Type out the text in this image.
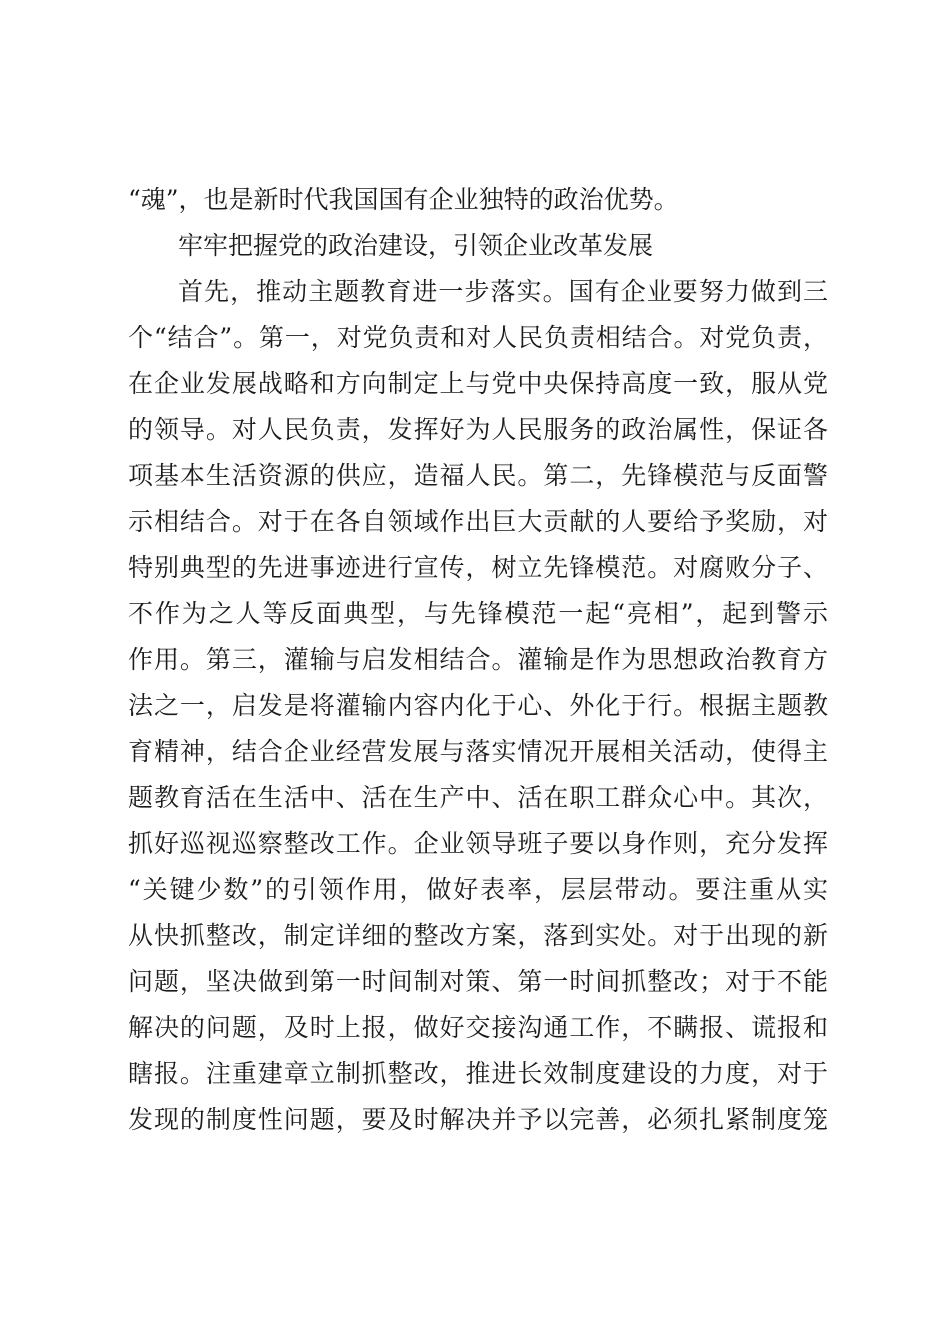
“魂”，也是新时代我国国有企业独特的政治优势。
牢牢把握党的政治建设，引领企业改革发展
首先，推动主题教育进一步落实。国有企业要努力做到三
个“结合”。第一，对党负责和对人民负责相结合。对党负责，
在企业发展战略和方向制定上与党中央保持高度一致，服从党
的领导。对人民负责，发挥好为人民服务的政治属性，保证各
项基本生活资源的供应，造福人民。第二，先锋模范与反面警
示相结合。对于在各自领域作出巨大贡献的人要给予奖励，对
特别典型的先进事迹进行宣传，树立先锋模范。对腐败分子、
不作为之人等反面典型，与先锋模范一起“亮相”，起到警示
作用。第三，灌输与启发相结合。灌输是作为思想政治教育方
法之一，启发是将灌输内容内化于心、外化于行。根据主题教
育精神，结合企业经营发展与落实情况开展相关活动，使得主
题教育活在生活中、活在生产中、活在职工群众心中。其次，
抓好巡视巡察整改工作。企业领导班子要以身作则，充分发挥
“关键少数”的引领作用，做好表率，层层带动。要注重从实
从快抓整改，制定详细的整改方案，落到实处。对于出现的新
问题，坚决做到第一时间制对策、第一时间抓整改；对于不能
解决的问题，及时上报，做好交接沟通工作，不瞒报、谎报和
瞎报。注重建章立制抓整改，推进长效制度建设的力度，对于
发现的制度性问题，要及时解决并予以完善，必须扎紧制度笼
